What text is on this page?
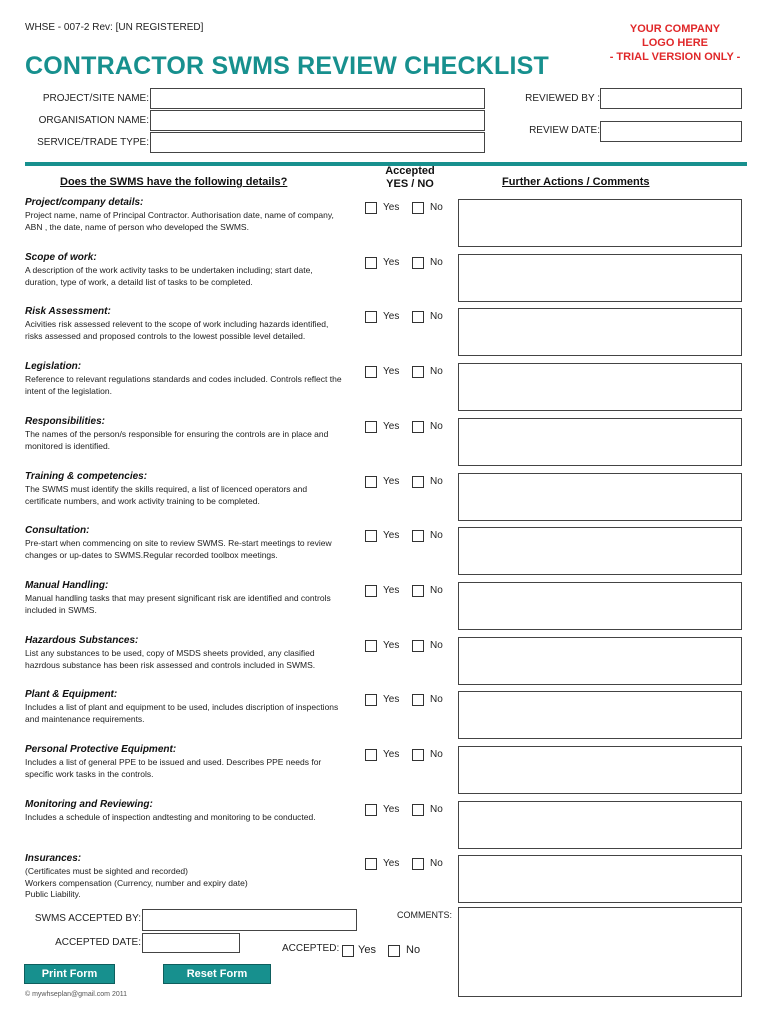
WHSE - 007-2 Rev: [UN REGISTERED]	YOUR COMPANY
LOGO HERE
- TRIAL VERSION ONLY -
CONTRACTOR SWMS REVIEW CHECKLIST
PROJECT/SITE NAME:
ORGANISATION NAME:
SERVICE/TRADE TYPE:
REVIEWED BY :
REVIEW DATE:
Does the SWMS have the following details?
Accepted
YES / NO	Further Actions / Comments
Project/company details:
Project name, name of Principal Contractor. Authorisation date, name of company, ABN , the date, name of person who developed the SWMS.
Yes	No
Scope of work:
A description of the work activity tasks to be undertaken including; start date, duration, type of work, a detaild list of tasks to be completed.
Yes	No
Risk Assessment:
Acivities risk assessed relevent to the scope of work including hazards identified, risks assessed and proposed controls to the lowest possible level detailed.
Yes	No
Legislation:
Reference to relevant regulations standards and codes included. Controls reflect the intent of the legislation.
Yes	No
Responsibilities:
The names of the person/s responsible for ensuring the controls are in place and monitored is identified.
Yes	No
Training & competencies:
The SWMS must identify the skills required, a list of licenced operators and certificate numbers, and work activity training to be completed.
Yes	No
Consultation:
Pre-start when commencing on site to review SWMS. Re-start meetings to review changes or up-dates to SWMS.Regular recorded toolbox meetings.
Yes	No
Manual Handling:
Manual handling tasks that may present significant risk are identified and controls included in SWMS.
Yes	No
Hazardous Substances:
List any substances to be used, copy of MSDS sheets provided, any clasified hazrdous substance has been risk assessed and controls included in SWMS.
Yes	No
Plant & Equipment:
Includes a list of plant and equipment to be used, includes discription of inspections and maintenance requirements.
Yes	No
Personal Protective Equipment:
Includes a list of general PPE to be issued and used. Describes PPE needs for specific work tasks in the controls.
Yes	No
Monitoring and Reviewing:
Includes a schedule of inspection andtesting and monitoring to be conducted.
Yes	No
Insurances:
(Certificates must be sighted and recorded)
Workers compensation (Currency, number and expiry date)
Public Liability.
Yes	No
SWMS ACCEPTED BY:
ACCEPTED DATE:
ACCEPTED: Yes	No
COMMENTS:
Print Form	Reset Form
© mywhseplan@gmail.com 2011
